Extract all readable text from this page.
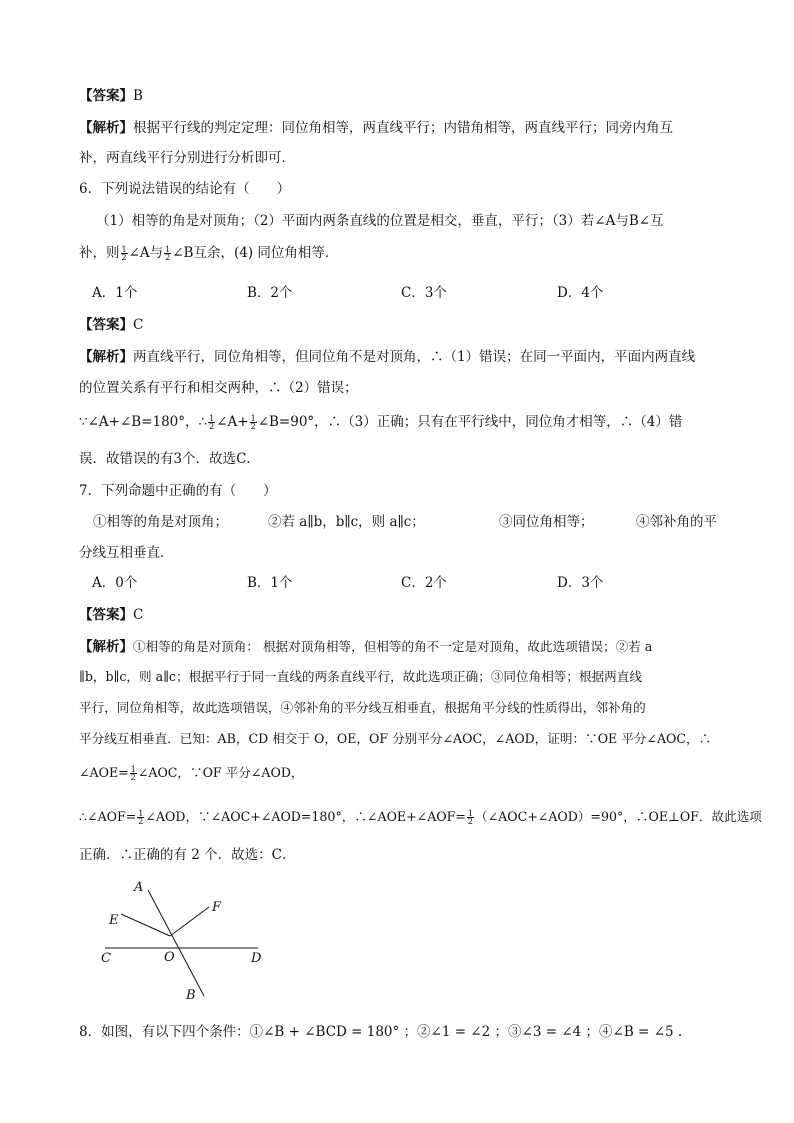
【答案】B
【解析】根据平行线的判定定理：同位角相等，两直线平行；内错角相等，两直线平行；同旁内角互
补，两直线平行分别进行分析即可．
6．下列说法错误的结论有（　　）
（1）相等的角是对顶角；（2）平面内两条直线的位置是相交，垂直，平行；（3）若∠A与B∠互
补，则 $\frac{1}{2}$ ∠A与 $\frac{1}{2}$ ∠B互余，(4) 同位角相等．
A．1个	B．2个	C．3个	D．4个
【答案】C
【解析】两直线平行，同位角相等，但同位角不是对顶角，∴（1）错误；在同一平面内，平面内两直线
的位置关系有平行和相交两种，∴（2）错误；
∵∠A+∠B=180°，∴ $\frac{1}{2}$ ∠A+ $\frac{1}{2}$ ∠B=90°，∴（3）正确；只有在平行线中，同位角才相等，∴（4）错
误．故错误的有3个．故选C．
7．下列命题中正确的有（　　）
①相等的角是对顶角；	②若 a∥b，b∥c，则 a∥c；	③同位角相等；	④邻补角的平
分线互相垂直．
A．0个	B．1个	C．2个	D．3个
【答案】C
【解析】①相等的角是对顶角： 根据对顶角相等，但相等的角不一定是对顶角，故此选项错误；②若 a
∥b，b∥c，则 a∥c；根据平行于同一直线的两条直线平行，故此选项正确；③同位角相等；根据两直线
平行，同位角相等，故此选项错误，④邻补角的平分线互相垂直，根据角平分线的性质得出，邻补角的
平分线互相垂直．已知：AB，CD 相交于 O，OE，OF 分别平分∠AOC，∠AOD，证明：∵OE 平分∠AOC，∴
∠AOE= $\frac{1}{2}$ ∠AOC，∵OF 平分∠AOD，
∴∠AOF= $\frac{1}{2}$ ∠AOD，∵∠AOC+∠AOD=180°，∴∠AOE+∠AOF= $\frac{1}{2}$ （∠AOC+∠AOD）=90°，∴OE⊥OF．故此选项
正确．∴正确的有 2 个．故选：C．
A
E
F
C	O	D
B
8．如图，有以下四个条件：①∠B + ∠BCD = 180° ；②∠1 = ∠2 ；③∠3 = ∠4 ；④∠B = ∠5 .
